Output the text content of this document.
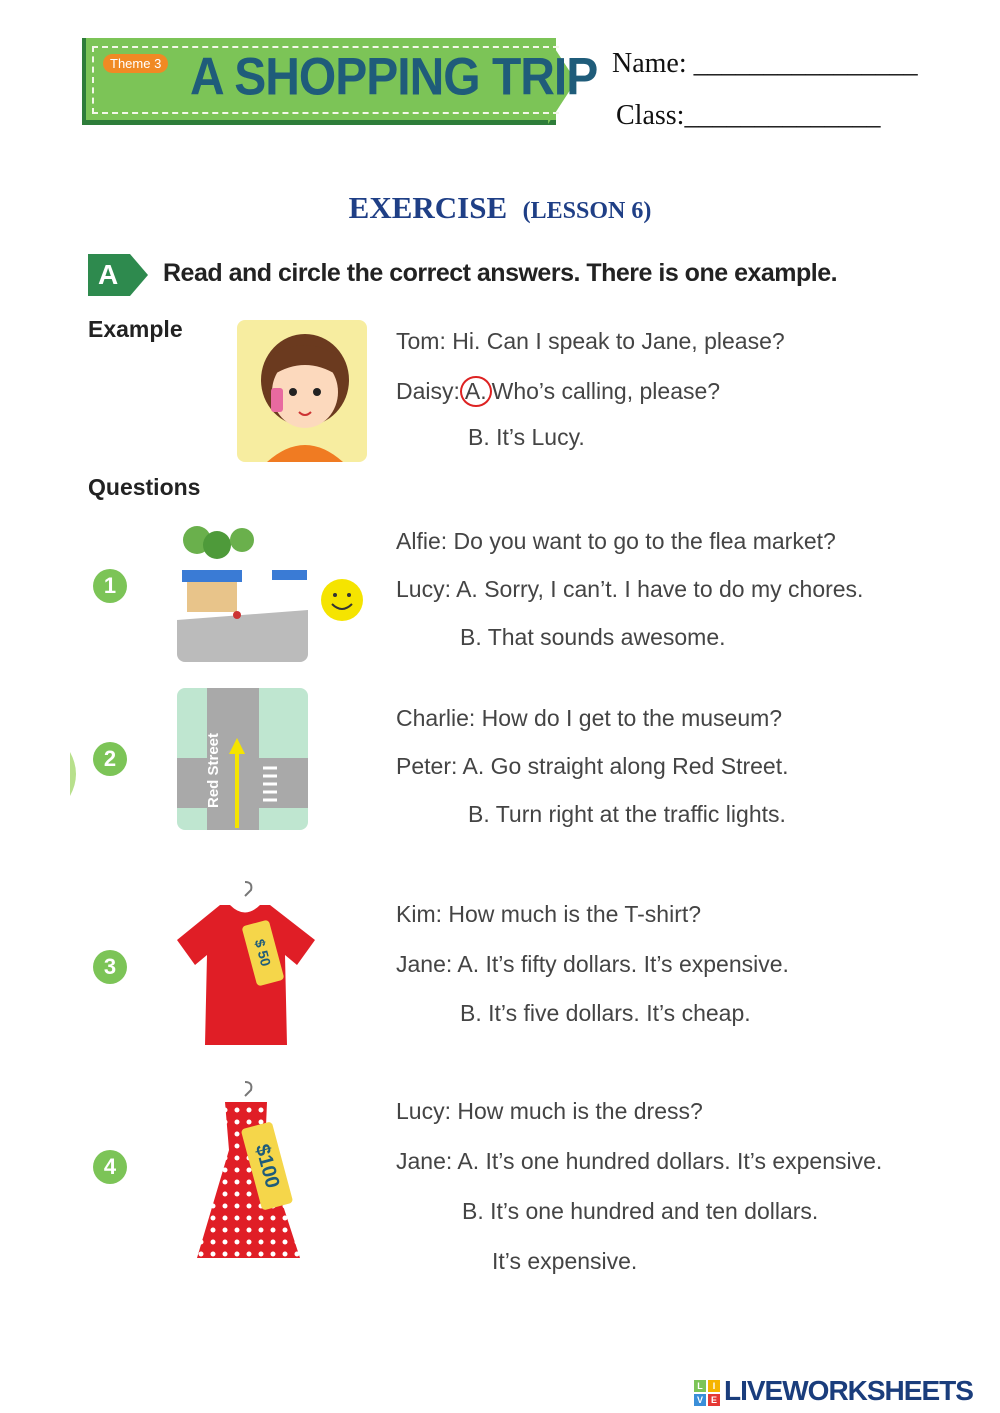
Theme 3 A SHOPPING TRIP Name: ________________
Class:______________
EXERCISE (LESSON 6)
A	Read and circle the correct answers. There is one example.
Example	Tom: Hi. Can I speak to Jane, please?
Daisy: A. Who’s calling, please?
B. It’s Lucy.
Questions
1
Alfie: Do you want to go to the flea market?
Lucy: A. Sorry, I can’t. I have to do my chores.
B. That sounds awesome.
2	Red Street
Charlie: How do I get to the museum?
Peter: A. Go straight along Red Street.
B. Turn right at the traffic lights.
3	$ 50
Kim: How much is the T-shirt?
Jane: A. It’s fifty dollars. It’s expensive.
B. It’s five dollars. It’s cheap.
4	$100
Lucy: How much is the dress?
Jane: A. It’s one hundred dollars. It’s expensive.
B. It’s one hundred and ten dollars.
It’s expensive.
L	I
V E LIVEWORKSHEETS
